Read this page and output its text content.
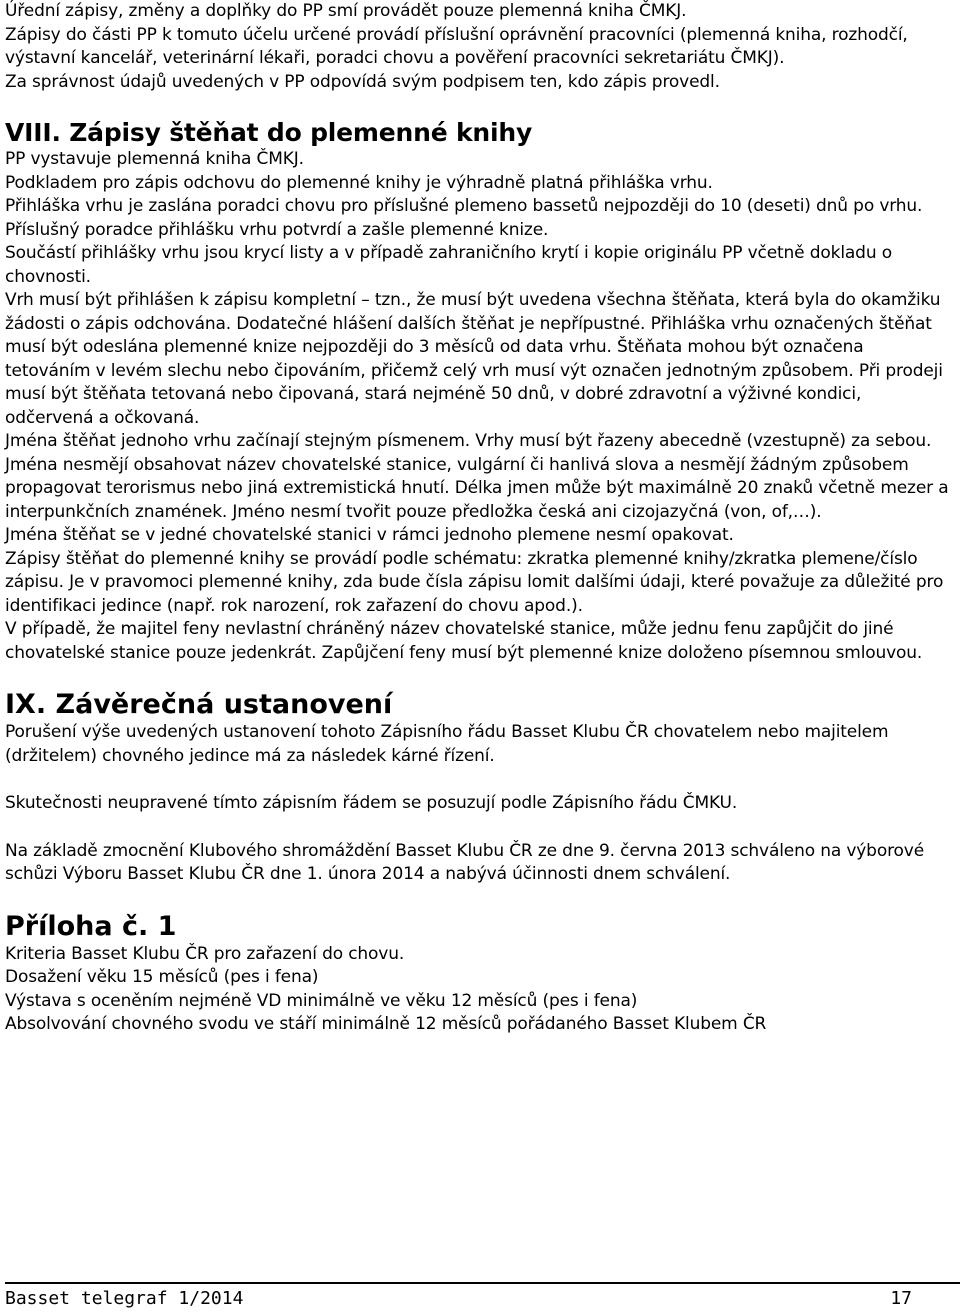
Úřední zápisy, změny a doplňky do PP smí provádět pouze plemenná kniha ČMKJ.

Zápisy do části PP k tomuto účelu určené provádí příslušní oprávnění pracovníci (plemenná kniha, rozhodčí, výstavní kancelář, veterinární lékaři, poradci chovu a pověření pracovníci sekretariátu ČMKJ).

Za správnost údajů uvedených v PP odpovídá svým podpisem ten, kdo zápis provedl.

VIII. Zápisy štěňat do plemenné knihy

PP vystavuje plemenná kniha ČMKJ.

Podkladem pro zápis odchovu do plemenné knihy je výhradně platná přihláška vrhu.

Přihláška vrhu je zaslána poradci chovu pro příslušné plemeno bassetů nejpozději do 10 (deseti) dnů po vrhu. Příslušný poradce přihlášku vrhu potvrdí a zašle plemenné knize.

Součástí přihlášky vrhu jsou krycí listy a v případě zahraničního krytí i kopie originálu PP včetně dokladu o chovnosti.

Vrh musí být přihlášen k zápisu kompletní – tzn., že musí být uvedena všechna štěňata, která byla do okamžiku žádosti o zápis odchována. Dodatečné hlášení dalších štěňat je nepřípustné. Přihláška vrhu označených štěňat musí být odeslána plemenné knize nejpozději do 3 měsíců od data vrhu. Štěňata mohou být označena tetováním v levém slechu nebo čipováním, přičemž celý vrh musí výt označen jednotným způsobem. Při prodeji musí být štěňata tetovaná nebo čipovaná, stará nejméně 50 dnů, v dobré zdravotní a výživné kondici, odčervená a očkovaná.

Jména štěňat jednoho vrhu začínají stejným písmenem. Vrhy musí být řazeny abecedně (vzestupně) za sebou. Jména nesmějí obsahovat název chovatelské stanice, vulgární či hanlivá slova a nesmějí žádným způsobem propagovat terorismus nebo jiná extremistická hnutí. Délka jmen může být maximálně 20 znaků včetně mezer a interpunkčních znamének. Jméno nesmí tvořit pouze předložka česká ani cizojazyčná (von, of,…).

Jména štěňat se v jedné chovatelské stanici v rámci jednoho plemene nesmí opakovat.

Zápisy štěňat do plemenné knihy se provádí podle schématu: zkratka plemenné knihy/zkratka plemene/číslo zápisu. Je v pravomoci plemenné knihy, zda bude čísla zápisu lomit dalšími údaji, které považuje za důležité pro identifikaci jedince (např. rok narození, rok zařazení do chovu apod.).

V případě, že majitel feny nevlastní chráněný název chovatelské stanice, může jednu fenu zapůjčit do jiné chovatelské stanice pouze jedenkrát. Zapůjčení feny musí být plemenné knize doloženo písemnou smlouvou.

IX. Závěrečná ustanovení

Porušení výše uvedených ustanovení tohoto Zápisního řádu Basset Klubu ČR chovatelem nebo majitelem (držitelem) chovného jedince má za následek kárné řízení.

Skutečnosti neupravené tímto zápisním řádem se posuzují podle Zápisního řádu ČMKU.

Na základě zmocnění Klubového shromáždění Basset Klubu ČR ze dne 9. června 2013 schváleno na výborové schůzi Výboru Basset Klubu ČR dne 1. února 2014 a nabývá účinnosti dnem schválení.

Příloha č. 1

Kriteria Basset Klubu ČR pro zařazení do chovu.

Dosažení věku 15 měsíců (pes i fena)

Výstava s oceněním nejméně VD minimálně ve věku 12 měsíců (pes i fena)

Absolvování chovného svodu ve stáří minimálně 12 měsíců pořádaného Basset Klubem ČR

Basset telegraf 1/2014	17
